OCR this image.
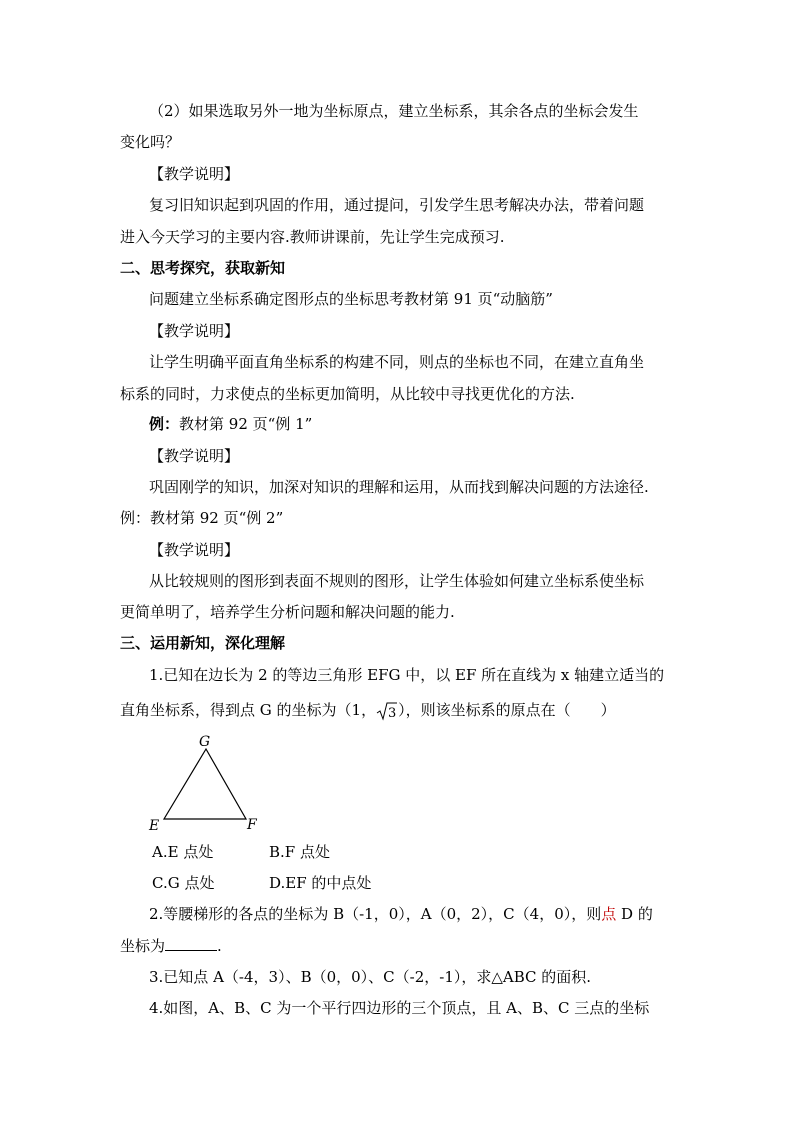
（2）如果选取另外一地为坐标原点，建立坐标系，其余各点的坐标会发生
变化吗？
【教学说明】
复习旧知识起到巩固的作用，通过提问，引发学生思考解决办法，带着问题
进入今天学习的主要内容.教师讲课前，先让学生完成预习.
二、思考探究，获取新知
问题建立坐标系确定图形点的坐标思考教材第 91 页“动脑筋”
【教学说明】
让学生明确平面直角坐标系的构建不同，则点的坐标也不同，在建立直角坐
标系的同时，力求使点的坐标更加简明，从比较中寻找更优化的方法.
例：教材第 92 页“例 1”
【教学说明】
巩固刚学的知识，加深对知识的理解和运用，从而找到解决问题的方法途径.
例：教材第 92 页“例 2”
【教学说明】
从比较规则的图形到表面不规则的图形，让学生体验如何建立坐标系使坐标
更简单明了，培养学生分析问题和解决问题的能力.
三、运用新知，深化理解
1.已知在边长为 2 的等边三角形 EFG 中，以 EF 所在直线为 x 轴建立适当的
直角坐标系，得到点 G 的坐标为（1， 3 ），则该坐标系的原点在（　　）
G
E	F
A.E 点处	B.F 点处
C.G 点处	D.EF 的中点处
2.等腰梯形的各点的坐标为 B（-1，0），A（0，2），C（4，0），则点 D 的
坐标为	.
3.已知点 A（-4，3）、B（0，0）、C（-2，-1），求△ABC 的面积.
4.如图，A、B、C 为一个平行四边形的三个顶点，且 A、B、C 三点的坐标
